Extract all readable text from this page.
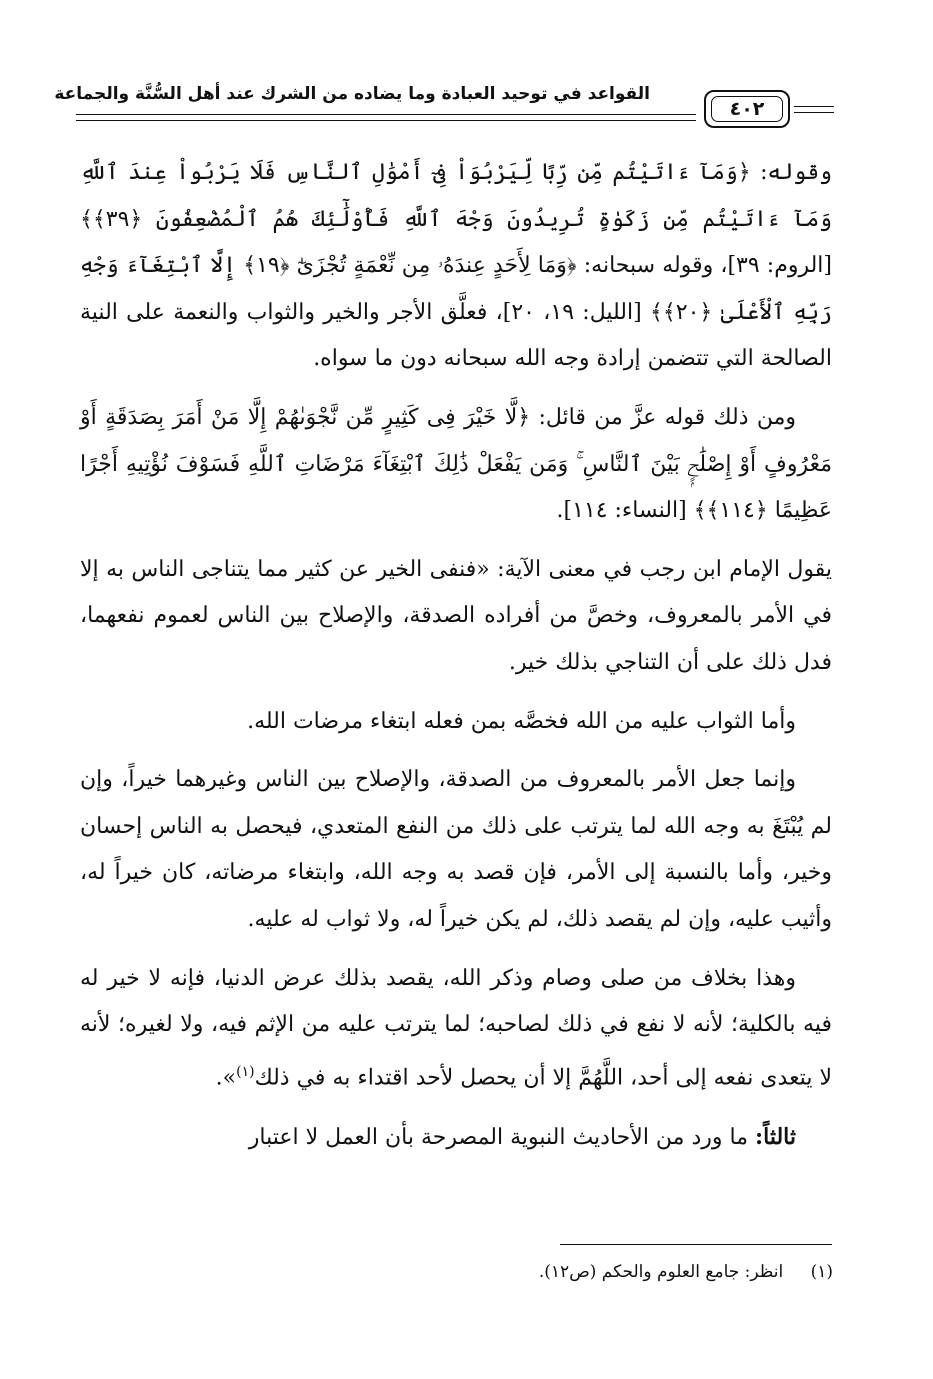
القواعد في توحيد العبادة وما يضاده من الشرك عند أهل السُّنَّة والجماعة
٤٠٢

وقوله: ﴿وَمَآ ءَاتَيْتُم مِّن رِّبًا لِّيَرْبُوَاْ فِىٓ أَمْوَٰلِ ٱلنَّاسِ فَلَا يَرْبُواْ عِندَ ٱللَّهِ وَمَآ ءَاتَيْتُم مِّن زَكَوٰةٍ تُرِيدُونَ وَجْهَ ٱللَّهِ فَأُوْلَٰٓئِكَ هُمُ ٱلْمُضْعِفُونَ ﴿٣٩﴾﴾ [الروم: ٣٩]، وقوله سبحانه: ﴿وَمَا لِأَحَدٍ عِندَهُۥ مِن نِّعْمَةٍ تُجْزَىٰٓ ﴿١٩﴾ إِلَّا ٱبْتِغَآءَ وَجْهِ رَبِّهِ ٱلْأَعْلَىٰ ﴿٢٠﴾﴾ [الليل: ١٩، ٢٠]، فعلَّق الأجر والخير والثواب والنعمة على النية الصالحة التي تتضمن إرادة وجه الله سبحانه دون ما سواه.

ومن ذلك قوله عزَّ من قائل: ﴿لَّا خَيْرَ فِى كَثِيرٍ مِّن نَّجْوَىٰهُمْ إِلَّا مَنْ أَمَرَ بِصَدَقَةٍ أَوْ مَعْرُوفٍ أَوْ إِصْلَٰحٍۭ بَيْنَ ٱلنَّاسِ ۚ وَمَن يَفْعَلْ ذَٰلِكَ ٱبْتِغَآءَ مَرْضَاتِ ٱللَّهِ فَسَوْفَ نُؤْتِيهِ أَجْرًا عَظِيمًا ﴿١١٤﴾﴾ [النساء: ١١٤].

يقول الإمام ابن رجب في معنى الآية: «فنفى الخير عن كثير مما يتناجى الناس به إلا في الأمر بالمعروف، وخصَّ من أفراده الصدقة، والإصلاح بين الناس لعموم نفعهما، فدل ذلك على أن التناجي بذلك خير.

وأما الثواب عليه من الله فخصَّه بمن فعله ابتغاء مرضات الله.

وإنما جعل الأمر بالمعروف من الصدقة، والإصلاح بين الناس وغيرهما خيراً، وإن لم يُبْتَغَ به وجه الله لما يترتب على ذلك من النفع المتعدي، فيحصل به الناس إحسان وخير، وأما بالنسبة إلى الأمر، فإن قصد به وجه الله، وابتغاء مرضاته، كان خيراً له، وأثيب عليه، وإن لم يقصد ذلك، لم يكن خيراً له، ولا ثواب له عليه.

وهذا بخلاف من صلى وصام وذكر الله، يقصد بذلك عرض الدنيا، فإنه لا خير له فيه بالكلية؛ لأنه لا نفع في ذلك لصاحبه؛ لما يترتب عليه من الإثم فيه، ولا لغيره؛ لأنه لا يتعدى نفعه إلى أحد، اللَّهُمَّ إلا أن يحصل لأحد اقتداء به في ذلك$^{(١)}$».

ثالثاً: ما ورد من الأحاديث النبوية المصرحة بأن العمل لا اعتبار

(١) انظر: جامع العلوم والحكم (ص١٢).
